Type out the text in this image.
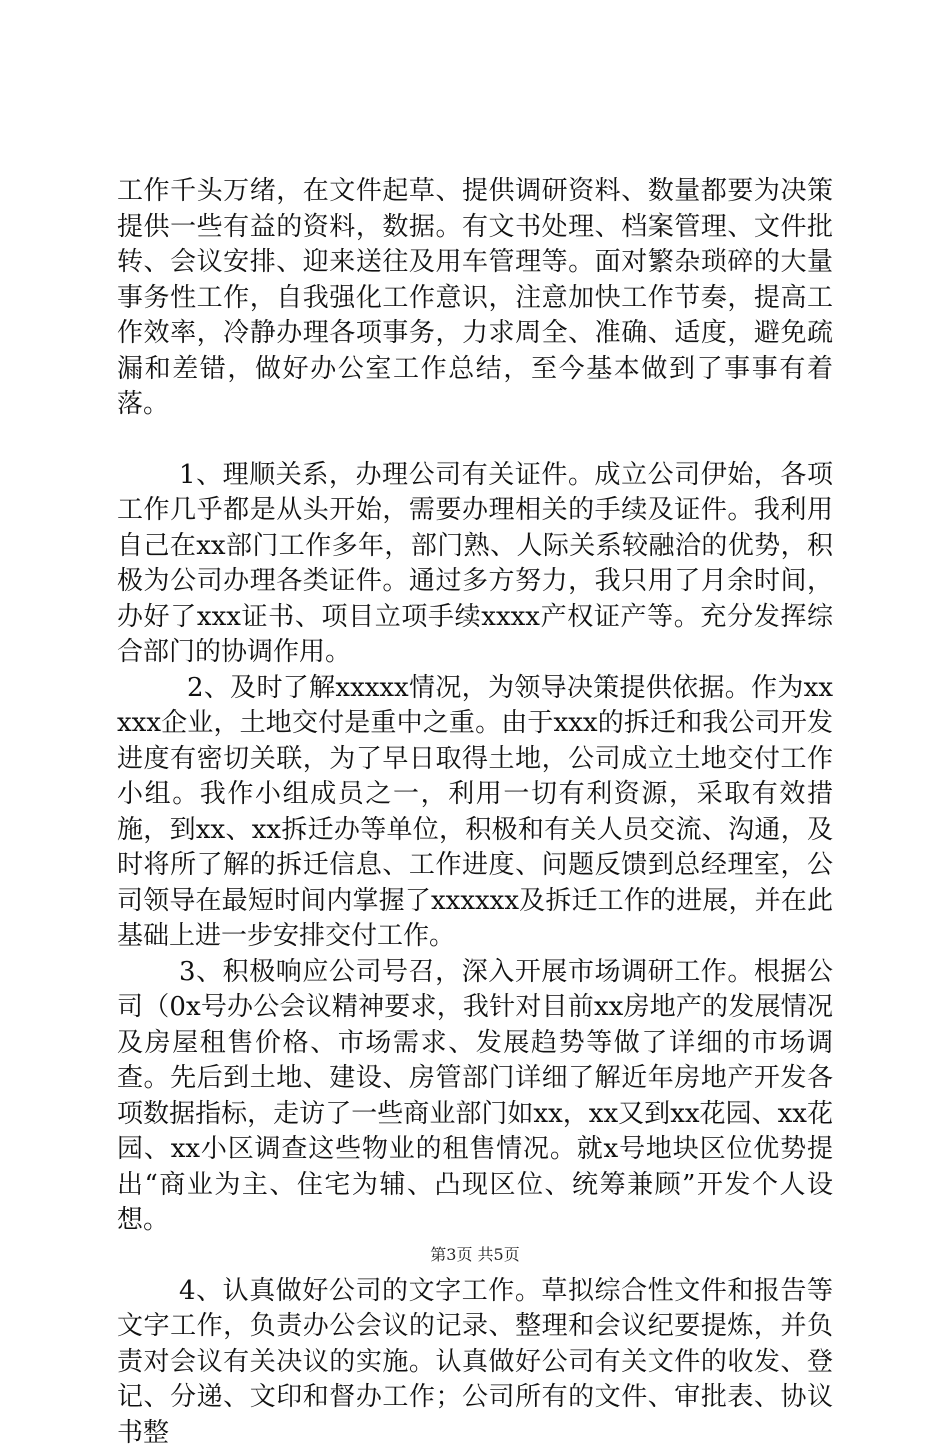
工作千头万绪，在文件起草、提供调研资料、数量都要为决策提供一些有益的资料，数据。有文书处理、档案管理、文件批转、会议安排、迎来送往及用车管理等。面对繁杂琐碎的大量事务性工作，自我强化工作意识，注意加快工作节奏，提高工作效率，冷静办理各项事务，力求周全、准确、适度，避免疏漏和差错，做好办公室工作总结，至今基本做到了事事有着落。

1、理顺关系，办理公司有关证件。成立公司伊始，各项工作几乎都是从头开始，需要办理相关的手续及证件。我利用自己在xx部门工作多年，部门熟、人际关系较融洽的优势，积极为公司办理各类证件。通过多方努力，我只用了月余时间，办好了xxx证书、项目立项手续xxxx产权证产等。充分发挥综合部门的协调作用。

2、及时了解xxxxx情况，为领导决策提供依据。作为xxxxx企业，土地交付是重中之重。由于xxx的拆迁和我公司开发进度有密切关联，为了早日取得土地，公司成立土地交付工作小组。我作小组成员之一，利用一切有利资源，采取有效措施，到xx、xx拆迁办等单位，积极和有关人员交流、沟通，及时将所了解的拆迁信息、工作进度、问题反馈到总经理室，公司领导在最短时间内掌握了xxxxxx及拆迁工作的进展，并在此基础上进一步安排交付工作。

3、积极响应公司号召，深入开展市场调研工作。根据公司（0x号办公会议精神要求，我针对目前xx房地产的发展情况及房屋租售价格、市场需求、发展趋势等做了详细的市场调查。先后到土地、建设、房管部门详细了解近年房地产开发各项数据指标，走访了一些商业部门如xx，xx又到xx花园、xx花园、xx小区调查这些物业的租售情况。就x号地块区位优势提出“商业为主、住宅为辅、凸现区位、统筹兼顾”开发个人设想。

4、认真做好公司的文字工作。草拟综合性文件和报告等文字工作，负责办公会议的记录、整理和会议纪要提炼，并负责对会议有关决议的实施。认真做好公司有关文件的收发、登记、分递、文印和督办工作；公司所有的文件、审批表、协议书整

第3页 共5页
